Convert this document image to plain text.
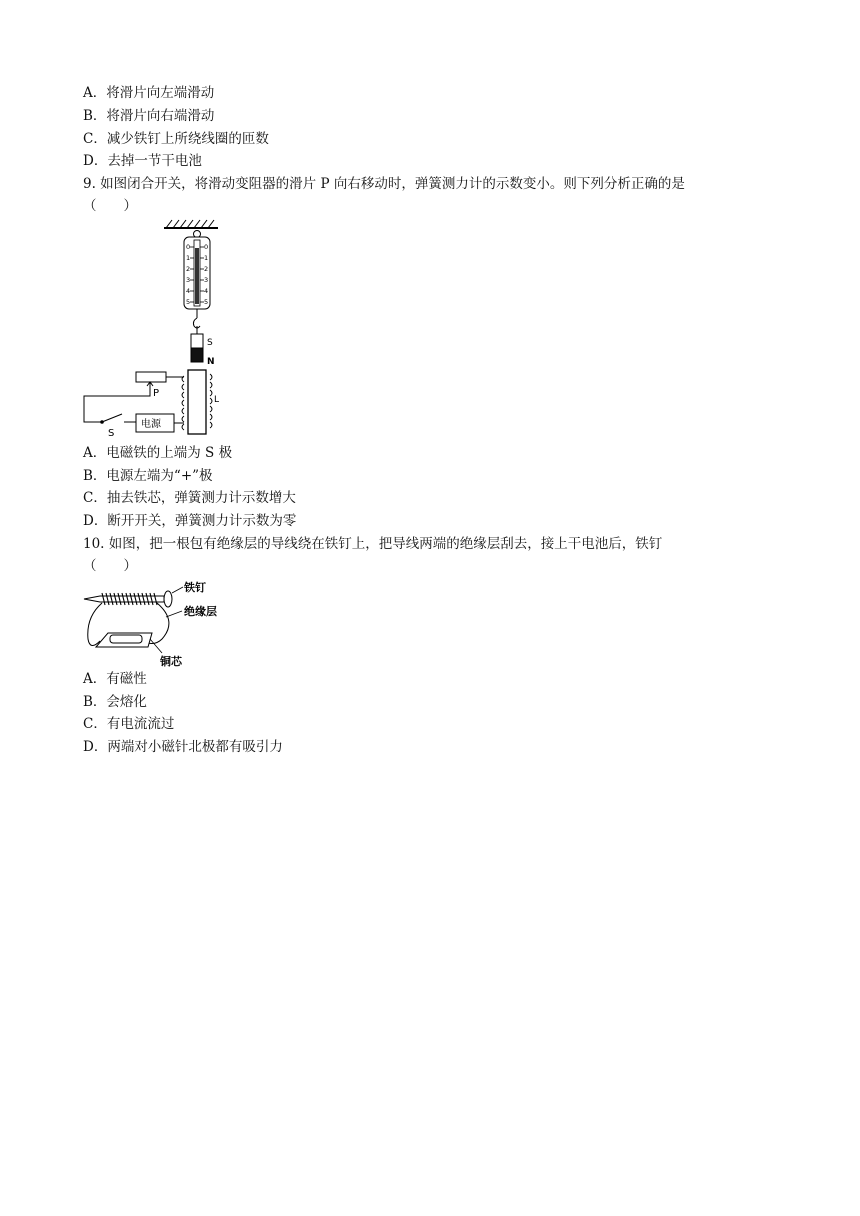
A．将滑片向左端滑动
B．将滑片向右端滑动
C．减少铁钉上所绕线圈的匝数
D．去掉一节干电池
9. 如图闭合开关，将滑动变阻器的滑片 P 向右移动时，弹簧测力计的示数变小。则下列分析正确的是
（　　）
0
1
2
3
4
5
0
1
2
3
4
5
S
N
L
P
S
电源
A．电磁铁的上端为 S 极
B．电源左端为“+”极
C．抽去铁芯，弹簧测力计示数增大
D．断开开关，弹簧测力计示数为零
10. 如图，把一根包有绝缘层的导线绕在铁钉上，把导线两端的绝缘层刮去，接上干电池后，铁钉
（　　）
铁钉
绝缘层
铜芯
A．有磁性
B．会熔化
C．有电流流过
D．两端对小磁针北极都有吸引力
